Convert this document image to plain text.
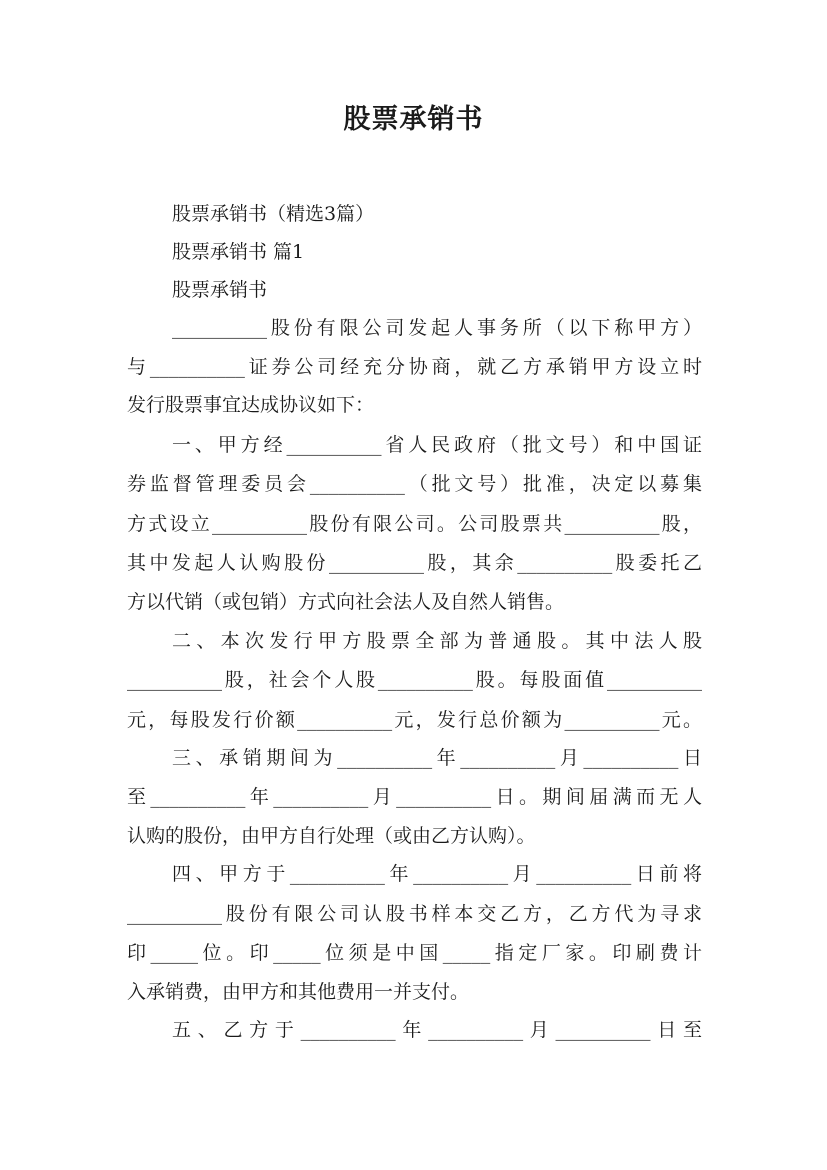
股票承销书
股票承销书（精选3篇）
股票承销书 篇1
股票承销书
__________股份有限公司发起人事务所（以下称甲方）
与__________证券公司经充分协商，就乙方承销甲方设立时
发行股票事宜达成协议如下：
一、甲方经__________省人民政府（批文号）和中国证
券监督管理委员会__________（批文号）批准，决定以募集
方式设立__________股份有限公司。公司股票共__________股，
其中发起人认购股份__________股，其余__________股委托乙
方以代销（或包销）方式向社会法人及自然人销售。
二、本次发行甲方股票全部为普通股。其中法人股
__________股，社会个人股__________股。每股面值__________
元，每股发行价额__________元，发行总价额为__________元。
三、承销期间为__________年__________月__________日
至__________年__________月__________日。期间届满而无人
认购的股份，由甲方自行处理（或由乙方认购）。
四、甲方于__________年__________月__________日前将
__________股份有限公司认股书样本交乙方，乙方代为寻求
印_____位。印_____位须是中国_____指定厂家。印刷费计
入承销费，由甲方和其他费用一并支付。
五、乙方于__________年__________月__________日至
